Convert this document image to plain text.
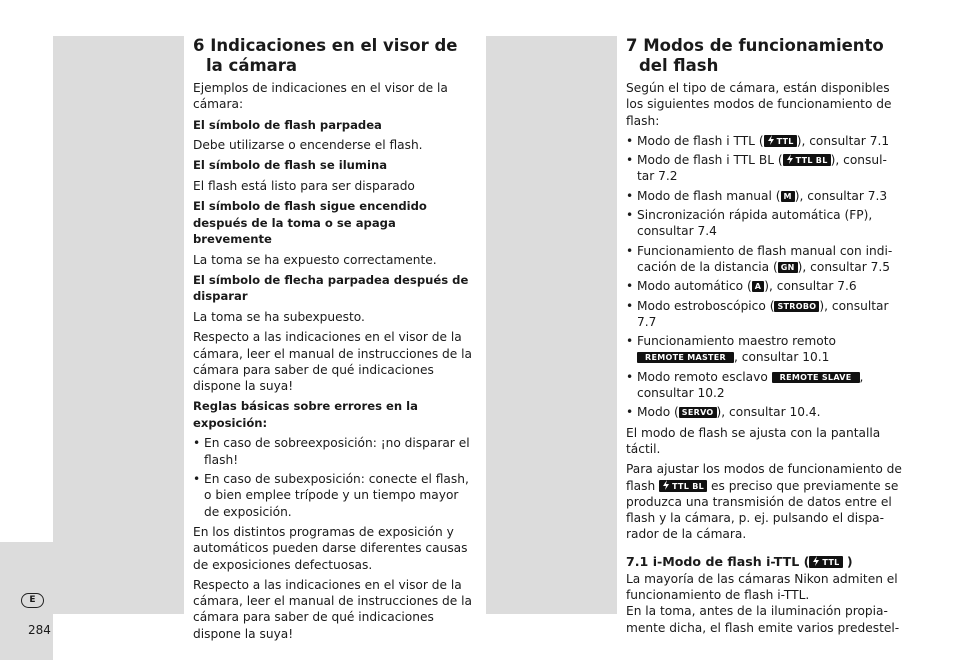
6 Indicaciones en el visor de la cámara

Ejemplos de indicaciones en el visor de la cámara:

El símbolo de flash parpadea

Debe utilizarse o encenderse el flash.

El símbolo de flash se ilumina

El flash está listo para ser disparado

El símbolo de flash sigue encendido después de la toma o se apaga brevemente

La toma se ha expuesto correctamente.

El símbolo de flecha parpadea después de disparar

La toma se ha subexpuesto.

Respecto a las indicaciones en el visor de la cámara, leer el manual de instrucciones de la cámara para saber de qué indicaciones dispone la suya!

Reglas básicas sobre errores en la exposición:

• En caso de sobreexposición: ¡no disparar el flash!
• En caso de subexposición: conecte el flash, o bien emplee trípode y un tiempo mayor de exposición.

En los distintos programas de exposición y automáticos pueden darse diferentes causas de exposiciones defectuosas.

Respecto a las indicaciones en el visor de la cámara, leer el manual de instrucciones de la cámara para saber de qué indicaciones dispone la suya!

7 Modos de funcionamiento del flash

Según el tipo de cámara, están disponibles los siguientes modos de funcionamiento de flash:

• Modo de flash i TTL ( TTL ), consultar 7.1
• Modo de flash i TTL BL ( TTL BL ), consul- tar 7.2
• Modo de flash manual ( M ), consultar 7.3
• Sincronización rápida automática (FP), consultar 7.4
• Funcionamiento de flash manual con indi- cación de la distancia ( GN ), consultar 7.5
• Modo automático ( A ), consultar 7.6
• Modo estroboscópico ( STROBO ), consultar 7.7
• Funcionamiento maestro remoto
REMOTE MASTER , consultar 10.1
• Modo remoto esclavo REMOTE SLAVE , consultar 10.2
• Modo ( SERVO ), consultar 10.4.

El modo de flash se ajusta con la pantalla táctil.

Para ajustar los modos de funcionamiento de flash TTL BL es preciso que previamente se produzca una transmisión de datos entre el flash y la cámara, p. ej. pulsando el dispa- rador de la cámara.

7.1 i-Modo de flash i-TTL ( TTL )

La mayoría de las cámaras Nikon admiten el funcionamiento de flash i-TTL.

En la toma, antes de la iluminación propia- mente dicha, el flash emite varios predestel-

E
284
